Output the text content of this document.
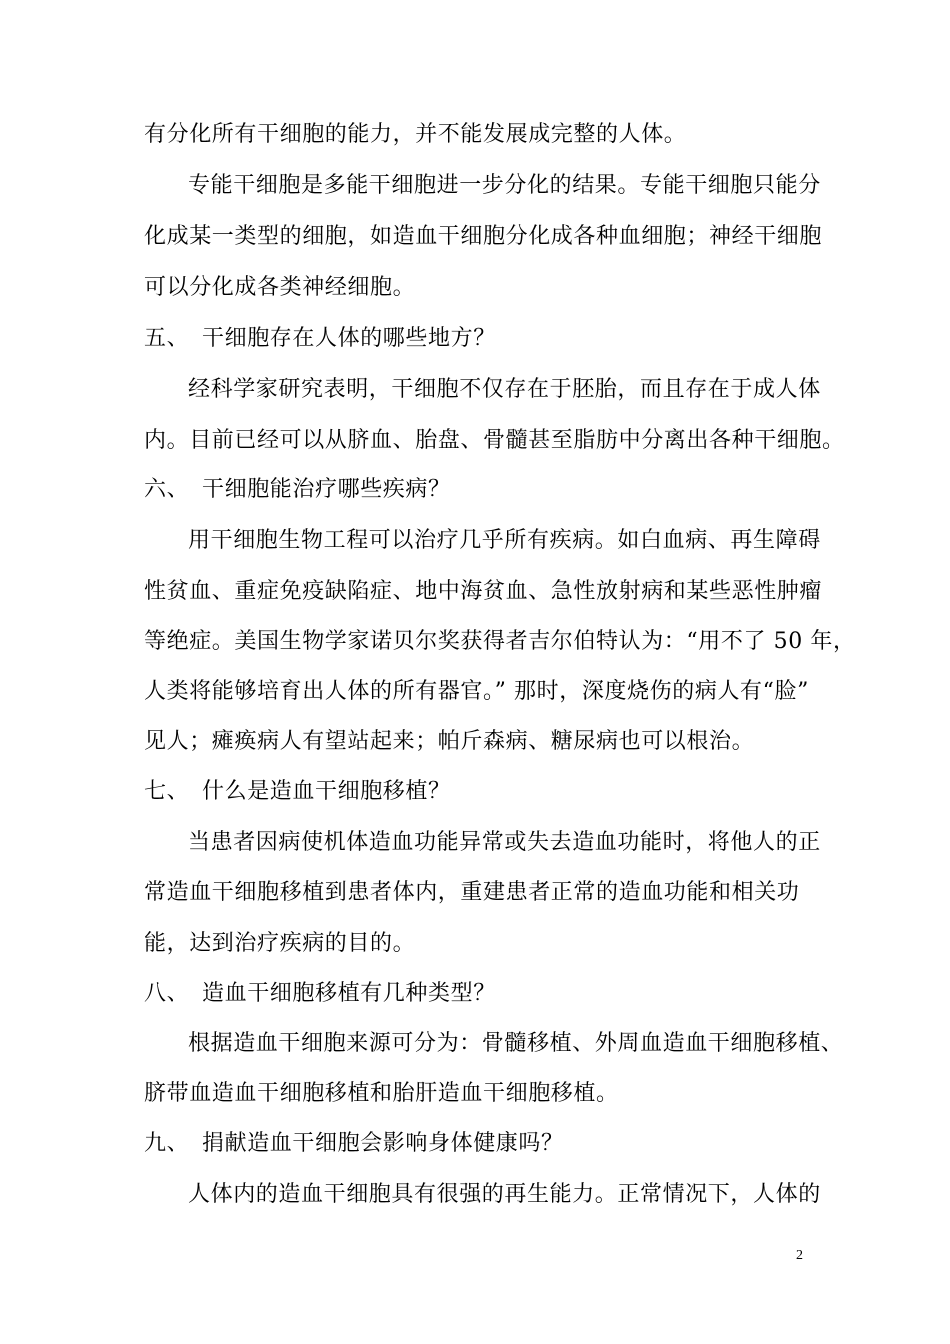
有分化所有干细胞的能力，并不能发展成完整的人体。
专能干细胞是多能干细胞进一步分化的结果。专能干细胞只能分
化成某一类型的细胞，如造血干细胞分化成各种血细胞；神经干细胞
可以分化成各类神经细胞。
五、 干细胞存在人体的哪些地方？
经科学家研究表明，干细胞不仅存在于胚胎，而且存在于成人体
内。目前已经可以从脐血、胎盘、骨髓甚至脂肪中分离出各种干细胞。
六、 干细胞能治疗哪些疾病？
用干细胞生物工程可以治疗几乎所有疾病。如白血病、再生障碍
性贫血、重症免疫缺陷症、地中海贫血、急性放射病和某些恶性肿瘤
等绝症。美国生物学家诺贝尔奖获得者吉尔伯特认为：“用不了 50 年，
人类将能够培育出人体的所有器官。” 那时，深度烧伤的病人有“脸”
见人；瘫痪病人有望站起来；帕斤森病、糖尿病也可以根治。
七、 什么是造血干细胞移植？
当患者因病使机体造血功能异常或失去造血功能时，将他人的正
常造血干细胞移植到患者体内，重建患者正常的造血功能和相关功
能，达到治疗疾病的目的。
八、 造血干细胞移植有几种类型？
根据造血干细胞来源可分为：骨髓移植、外周血造血干细胞移植、
脐带血造血干细胞移植和胎肝造血干细胞移植。
九、 捐献造血干细胞会影响身体健康吗？
人体内的造血干细胞具有很强的再生能力。正常情况下，人体的
2
